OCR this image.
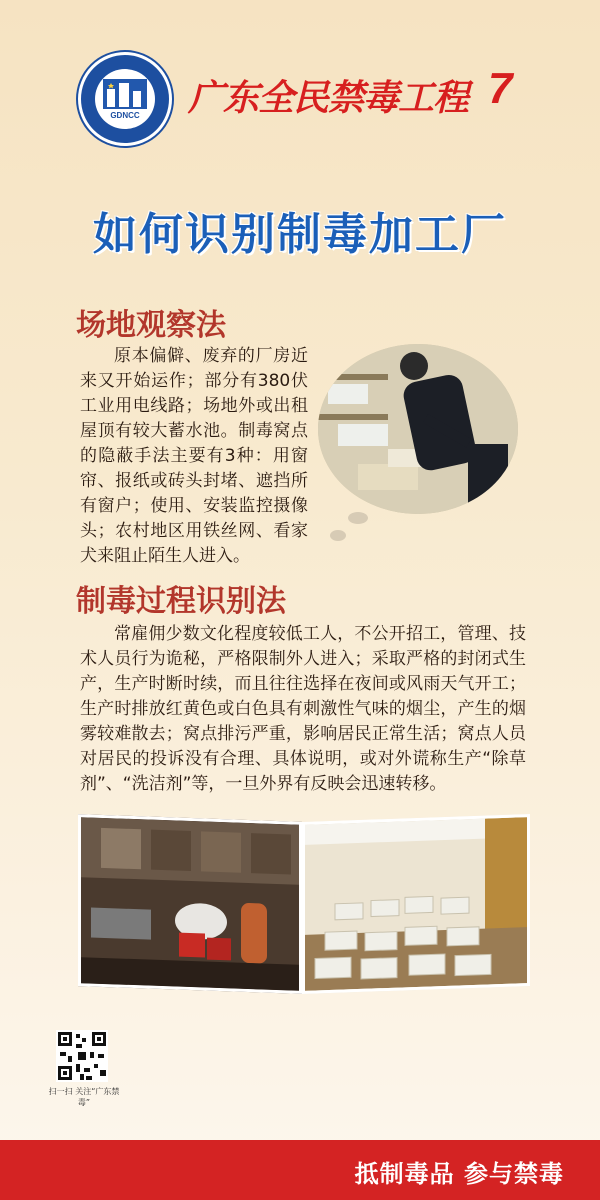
GDNCC	广东全民禁毒工程 7
如何识别制毒加工厂
场地观察法
原本偏僻、废弃的厂房近来又开始运作；部分有380伏工业用电线路；场地外或出租屋顶有较大蓄水池。制毒窝点的隐蔽手法主要有3种：用窗帘、报纸或砖头封堵、遮挡所有窗户；使用、安装监控摄像头；农村地区用铁丝网、看家犬来阻止陌生人进入。
制毒过程识别法
常雇佣少数文化程度较低工人，不公开招工，管理、技术人员行为诡秘，严格限制外人进入；采取严格的封闭式生产，生产时断时续，而且往往选择在夜间或风雨天气开工；生产时排放红黄色或白色具有刺激性气味的烟尘，产生的烟雾较难散去；窝点排污严重，影响居民正常生活；窝点人员对居民的投诉没有合理、具体说明，或对外谎称生产“除草剂”、“洗洁剂”等，一旦外界有反映会迅速转移。
扫一扫 关注“广东禁毒”
抵制毒品 参与禁毒
